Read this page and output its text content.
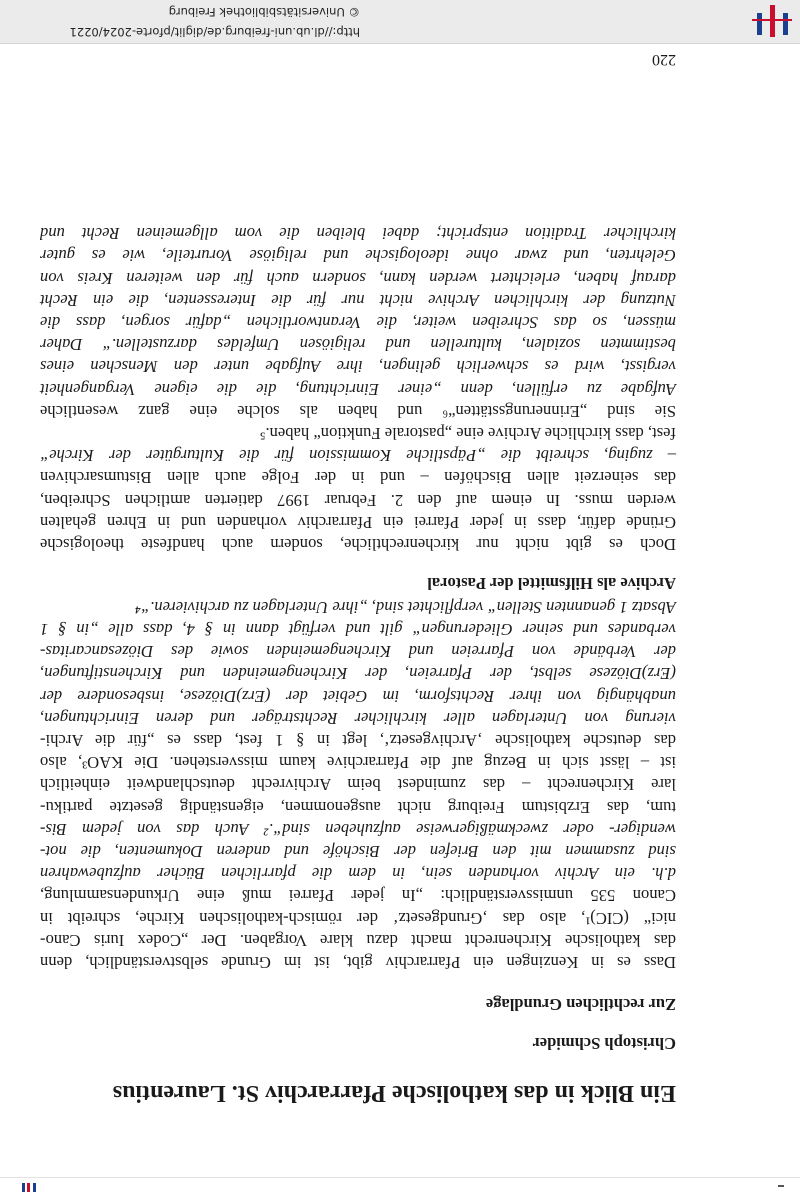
Ein Blick in das katholische Pfarrarchiv St. Laurentius
Christoph Schmider
Zur rechtlichen Grundlage
Dass es in Kenzingen ein Pfarrarchiv gibt, ist im Grunde selbstverständlich, denn
das katholische Kirchenrecht macht dazu klare Vorgaben. Der „Codex Iuris Cano-
nici“ (CIC)¹, also das ‚Grundgesetz‘ der römisch-katholischen Kirche, schreibt in
Canon 535 unmissverständlich: „In jeder Pfarrei muß eine Urkundensammlung,
d.h. ein Archiv vorhanden sein, in dem die pfarrlichen Bücher aufzubewahren
sind zusammen mit den Briefen der Bischöfe und anderen Dokumenten, die not-
wendiger- oder zweckmäßigerweise aufzuheben sind“.² Auch das von jedem Bis-
tum, das Erzbistum Freiburg nicht ausgenommen, eigenständig gesetzte partiku-
lare Kirchenrecht – das zumindest beim Archivrecht deutschlandweit einheitlich
ist – lässt sich in Bezug auf die Pfarrarchive kaum missverstehen. Die KAO³, also
das deutsche katholische ‚Archivgesetz‘, legt in § 1 fest, dass es „für die Archi-
vierung von Unterlagen aller kirchlicher Rechtsträger und deren Einrichtungen,
unabhängig von ihrer Rechtsform, im Gebiet der (Erz)Diözese, insbesondere der
(Erz)Diözese selbst, der Pfarreien, der Kirchengemeinden und Kirchenstiftungen,
der Verbände von Pfarreien und Kirchengemeinden sowie des Diözesancaritas-
verbandes und seiner Gliederungen“ gilt und verfügt dann in § 4, dass alle „in § 1
Absatz 1 genannten Stellen“ verpflichtet sind, „ihre Unterlagen zu archivieren.“⁴
Archive als Hilfsmittel der Pastoral
Doch es gibt nicht nur kirchenrechtliche, sondern auch handfeste theologische
Gründe dafür, dass in jeder Pfarrei ein Pfarrarchiv vorhanden und in Ehren gehalten
werden muss. In einem auf den 2. Februar 1997 datierten amtlichen Schreiben,
das seinerzeit allen Bischöfen – und in der Folge auch allen Bistumsarchiven
– zuging, schreibt die „Päpstliche Kommission für die Kulturgüter der Kirche“
fest, dass kirchliche Archive eine „pastorale Funktion“ haben.⁵
Sie sind „Erinnerungsstätten“⁶ und haben als solche eine ganz wesentliche
Aufgabe zu erfüllen, denn „einer Einrichtung, die die eigene Vergangenheit
vergisst, wird es schwerlich gelingen, ihre Aufgabe unter den Menschen eines
bestimmten sozialen, kulturellen und religiösen Umfeldes darzustellen.“ Daher
müssen, so das Schreiben weiter, die Verantwortlichen „dafür sorgen, dass die
Nutzung der kirchlichen Archive nicht nur für die Interessenten, die ein Recht
darauf haben, erleichtert werden kann, sondern auch für den weiteren Kreis von
Gelehrten, und zwar ohne ideologische und religiöse Vorurteile, wie es guter
kirchlicher Tradition entspricht; dabei bleiben die vom allgemeinen Recht und
220
http://dl.ub.uni-freiburg.de/diglit/pforte-2024/0221
© Universitätsbibliothek Freiburg
